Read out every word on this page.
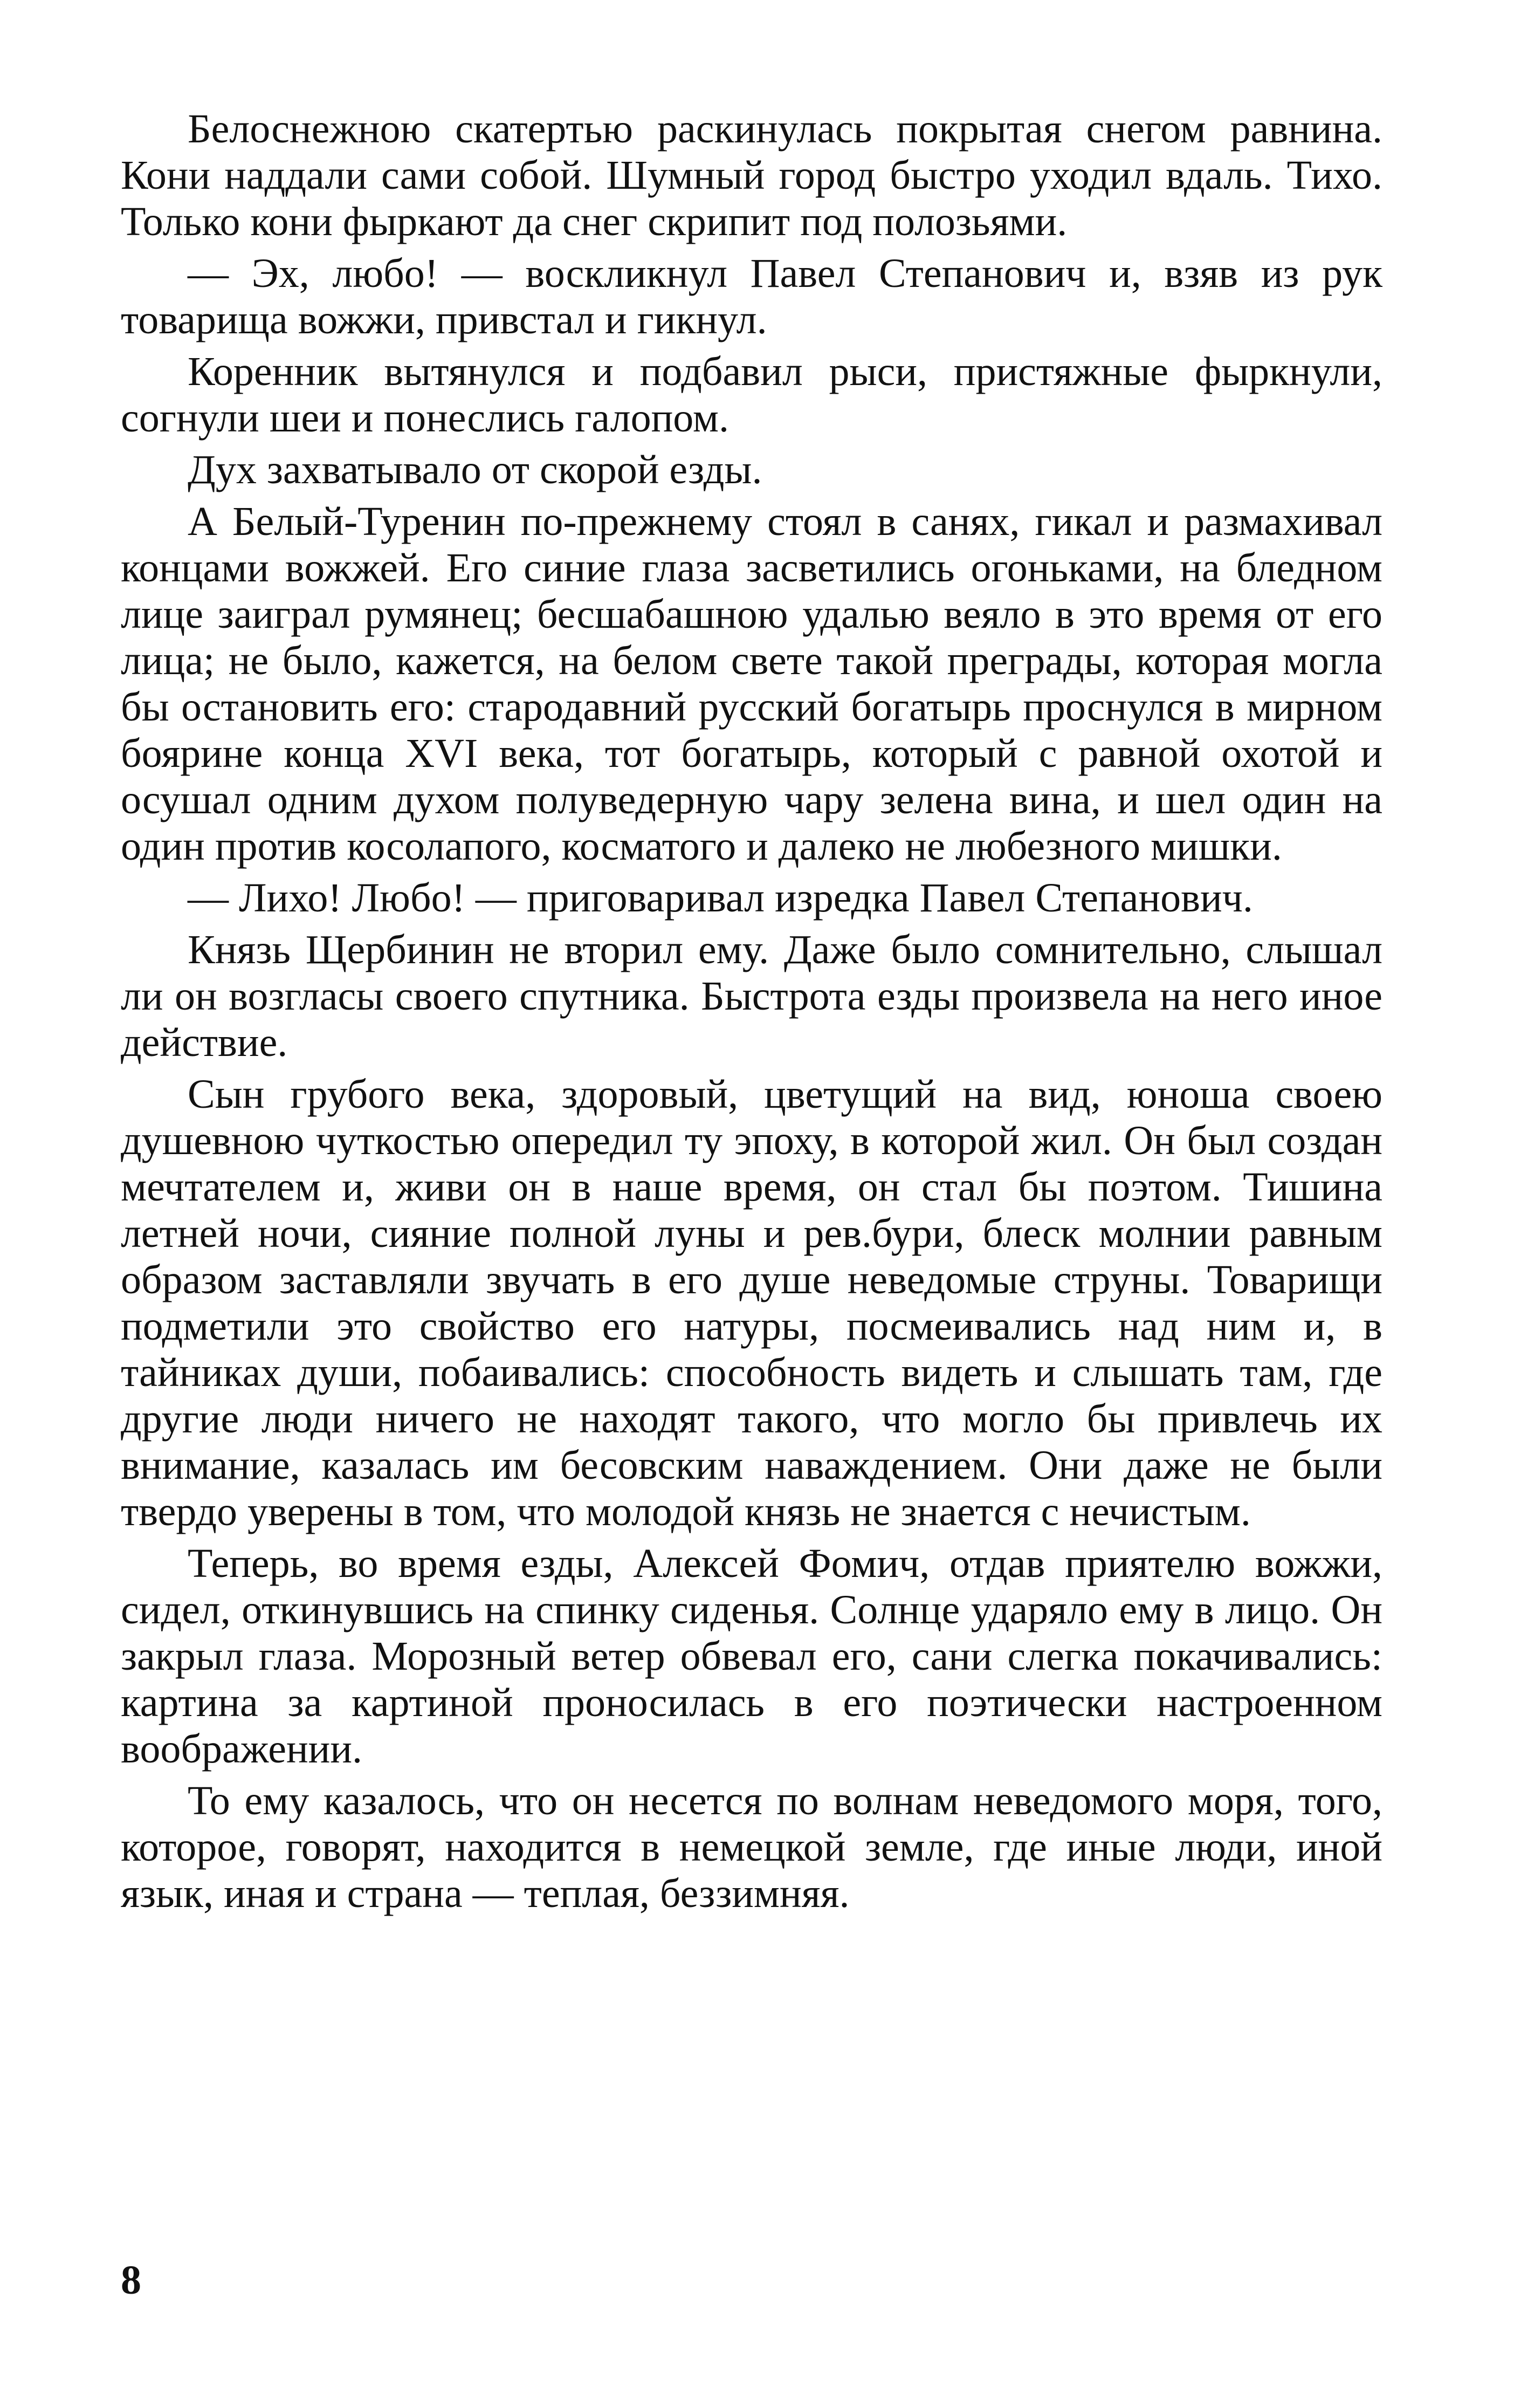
Белоснежною скатертью раскинулась покрытая снегом равнина. Кони наддали сами собой. Шумный город быстро уходил вдаль. Тихо. Только кони фыркают да снег скрипит под полозьями.

— Эх, любо! — воскликнул Павел Степанович и, взяв из рук товарища вожжи, привстал и гикнул.

Коренник вытянулся и подбавил рыси, пристяжные фыркнули, согнули шеи и понеслись галопом.

Дух захватывало от скорой езды.

А Белый-Туренин по-прежнему стоял в санях, гикал и размахивал концами вожжей. Его синие глаза засветились огоньками, на бледном лице заиграл румянец; бесшабашною удалью веяло в это время от его лица; не было, кажется, на белом свете такой преграды, которая могла бы остановить его: стародавний русский богатырь проснулся в мирном боярине конца XVI века, тот богатырь, который с равной охотой и осушал одним духом полуведерную чару зелена вина, и шел один на один против косолапого, косматого и далеко не любезного мишки.

— Лихо! Любо! — приговаривал изредка Павел Степанович.

Князь Щербинин не вторил ему. Даже было сомнительно, слышал ли он возгласы своего спутника. Быстрота езды произвела на него иное действие.

Сын грубого века, здоровый, цветущий на вид, юноша своею душевною чуткостью опередил ту эпоху, в которой жил. Он был создан мечтателем и, живи он в наше время, он стал бы поэтом. Тишина летней ночи, сияние полной луны и рев.бури, блеск молнии равным образом заставляли звучать в его душе неведомые струны. Товарищи подметили это свойство его натуры, посмеивались над ним и, в тайниках души, побаивались: способность видеть и слышать там, где другие люди ничего не находят такого, что могло бы привлечь их внимание, казалась им бесовским наваждением. Они даже не были твердо уверены в том, что молодой князь не знается с нечистым.

Теперь, во время езды, Алексей Фомич, отдав приятелю вожжи, сидел, откинувшись на спинку сиденья. Солнце ударяло ему в лицо. Он закрыл глаза. Морозный ветер обвевал его, сани слегка покачивались: картина за картиной проносилась в его поэтически настроенном воображении.

То ему казалось, что он несется по волнам неведомого моря, того, которое, говорят, находится в немецкой земле, где иные люди, иной язык, иная и страна — теплая, беззимняя.

8
